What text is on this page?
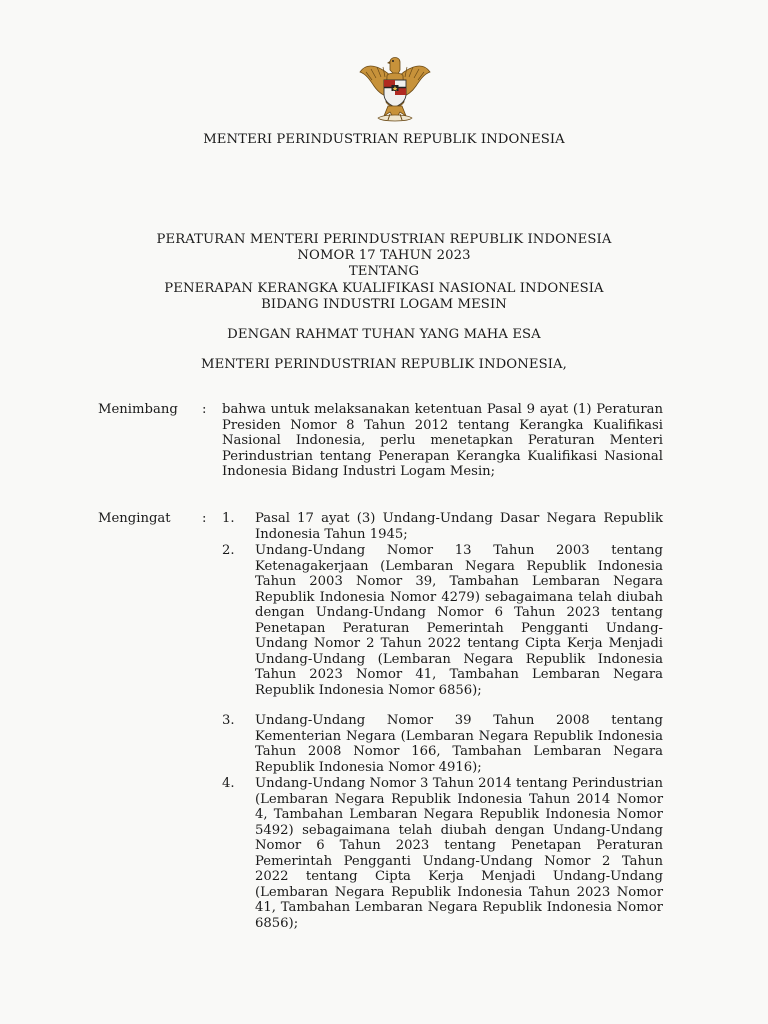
MENTERI PERINDUSTRIAN REPUBLIK INDONESIA
PERATURAN MENTERI PERINDUSTRIAN REPUBLIK INDONESIA
NOMOR 17 TAHUN 2023
TENTANG
PENERAPAN KERANGKA KUALIFIKASI NASIONAL INDONESIA
BIDANG INDUSTRI LOGAM MESIN
DENGAN RAHMAT TUHAN YANG MAHA ESA
MENTERI PERINDUSTRIAN REPUBLIK INDONESIA,
Menimbang : bahwa untuk melaksanakan ketentuan Pasal 9 ayat (1) Peraturan Presiden Nomor 8 Tahun 2012 tentang Kerangka Kualifikasi Nasional Indonesia, perlu menetapkan Peraturan Menteri Perindustrian tentang Penerapan Kerangka Kualifikasi Nasional Indonesia Bidang Industri Logam Mesin;
Mengingat : 1. Pasal 17 ayat (3) Undang-Undang Dasar Negara Republik Indonesia Tahun 1945;
2. Undang-Undang Nomor 13 Tahun 2003 tentang Ketenagakerjaan (Lembaran Negara Republik Indonesia Tahun 2003 Nomor 39, Tambahan Lembaran Negara Republik Indonesia Nomor 4279) sebagaimana telah diubah dengan Undang-Undang Nomor 6 Tahun 2023 tentang Penetapan Peraturan Pemerintah Pengganti Undang-Undang Nomor 2 Tahun 2022 tentang Cipta Kerja Menjadi Undang-Undang (Lembaran Negara Republik Indonesia Tahun 2023 Nomor 41, Tambahan Lembaran Negara Republik Indonesia Nomor 6856);
3. Undang-Undang Nomor 39 Tahun 2008 tentang Kementerian Negara (Lembaran Negara Republik Indonesia Tahun 2008 Nomor 166, Tambahan Lembaran Negara Republik Indonesia Nomor 4916);
4. Undang-Undang Nomor 3 Tahun 2014 tentang Perindustrian (Lembaran Negara Republik Indonesia Tahun 2014 Nomor 4, Tambahan Lembaran Negara Republik Indonesia Nomor 5492) sebagaimana telah diubah dengan Undang-Undang Nomor 6 Tahun 2023 tentang Penetapan Peraturan Pemerintah Pengganti Undang-Undang Nomor 2 Tahun 2022 tentang Cipta Kerja Menjadi Undang-Undang (Lembaran Negara Republik Indonesia Tahun 2023 Nomor 41, Tambahan Lembaran Negara Republik Indonesia Nomor 6856);
